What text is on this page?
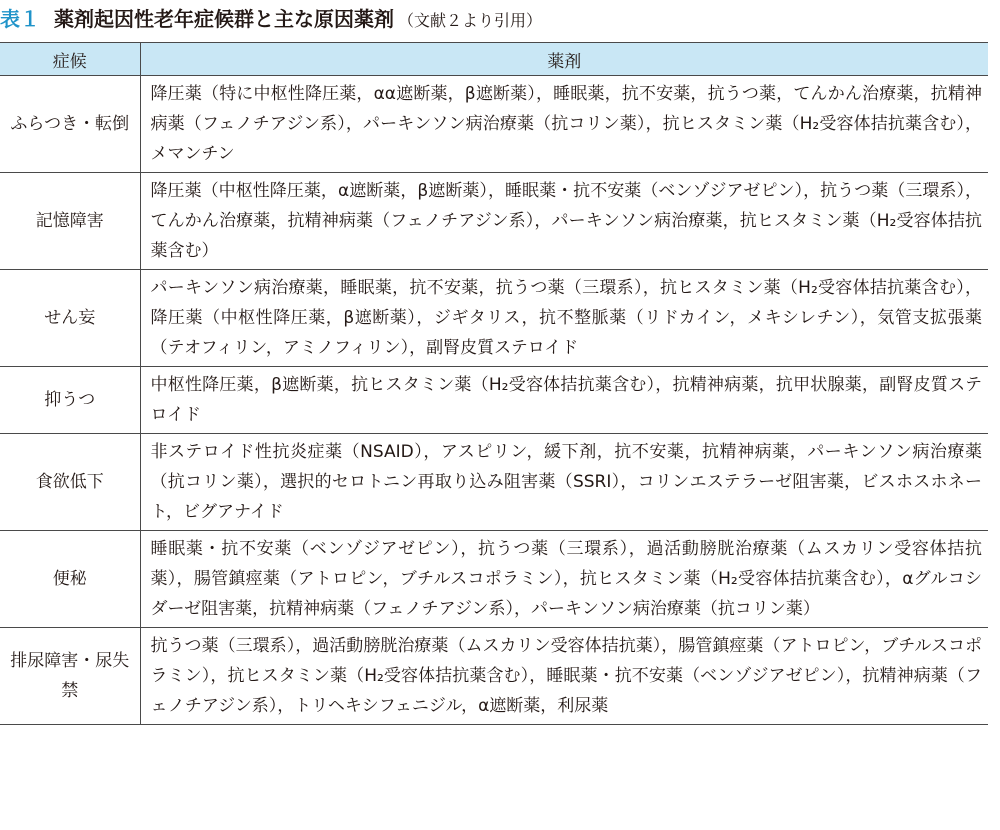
表１ 薬剤起因性老年症候群と主な原因薬剤 （文献２より引用）
症候	薬剤
ふらつき・転倒	降圧薬（特に中枢性降圧薬，αα遮断薬，β遮断薬），睡眠薬，抗不安薬，抗うつ薬，てんかん治療薬，抗精神病薬（フェノチアジン系），パーキンソン病治療薬（抗コリン薬），抗ヒスタミン薬（H₂受容体拮抗薬含む），メマンチン
記憶障害	降圧薬（中枢性降圧薬，α遮断薬，β遮断薬），睡眠薬・抗不安薬（ベンゾジアゼピン），抗うつ薬（三環系），てんかん治療薬，抗精神病薬（フェノチアジン系），パーキンソン病治療薬，抗ヒスタミン薬（H₂受容体拮抗薬含む）
せん妄	パーキンソン病治療薬，睡眠薬，抗不安薬，抗うつ薬（三環系），抗ヒスタミン薬（H₂受容体拮抗薬含む），降圧薬（中枢性降圧薬，β遮断薬），ジギタリス，抗不整脈薬（リドカイン，メキシレチン），気管支拡張薬（テオフィリン，アミノフィリン），副腎皮質ステロイド
抑うつ	中枢性降圧薬，β遮断薬，抗ヒスタミン薬（H₂受容体拮抗薬含む），抗精神病薬，抗甲状腺薬，副腎皮質ステロイド
食欲低下	非ステロイド性抗炎症薬（NSAID），アスピリン，緩下剤，抗不安薬，抗精神病薬，パーキンソン病治療薬（抗コリン薬），選択的セロトニン再取り込み阻害薬（SSRI），コリンエステラーゼ阻害薬，ビスホスホネート，ビグアナイド
便秘	睡眠薬・抗不安薬（ベンゾジアゼピン），抗うつ薬（三環系），過活動膀胱治療薬（ムスカリン受容体拮抗薬），腸管鎮痙薬（アトロピン，ブチルスコポラミン），抗ヒスタミン薬（H₂受容体拮抗薬含む），αグルコシダーゼ阻害薬，抗精神病薬（フェノチアジン系），パーキンソン病治療薬（抗コリン薬）
排尿障害・尿失禁	抗うつ薬（三環系），過活動膀胱治療薬（ムスカリン受容体拮抗薬），腸管鎮痙薬（アトロピン，ブチルスコポラミン），抗ヒスタミン薬（H₂受容体拮抗薬含む），睡眠薬・抗不安薬（ベンゾジアゼピン），抗精神病薬（フェノチアジン系），トリヘキシフェニジル，α遮断薬，利尿薬
